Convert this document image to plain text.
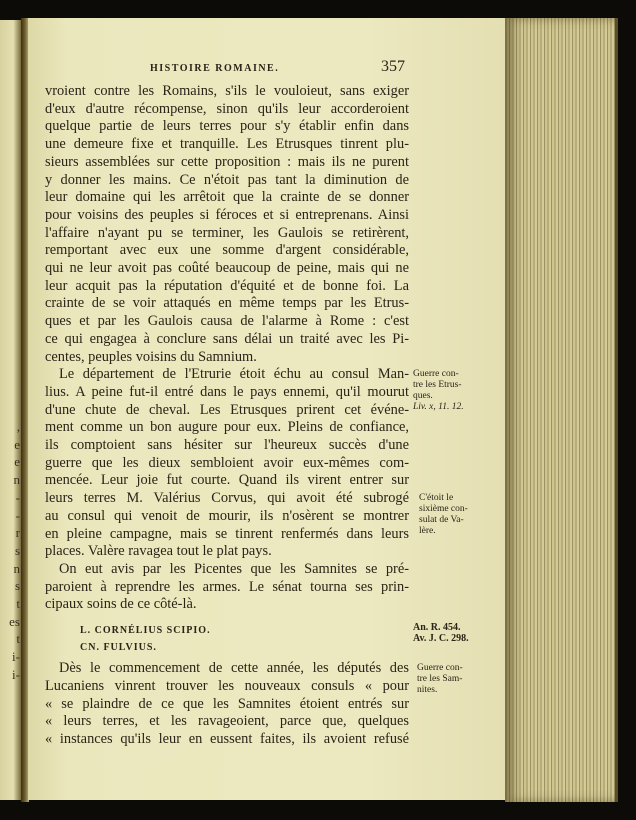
,
e
e
n
-
-
r
s
n
s
t
es
t
i-
i-
HISTOIRE ROMAINE.	357
vroient contre les Romains, s'ils le vouloieut, sans exiger
d'eux d'autre récompense, sinon qu'ils leur accorderoient
quelque partie de leurs terres pour s'y établir enfin dans
une demeure fixe et tranquille. Les Etrusques tinrent plu-
sieurs assemblées sur cette proposition : mais ils ne purent
y donner les mains. Ce n'étoit pas tant la diminution de
leur domaine qui les arrêtoit que la crainte de se donner
pour voisins des peuples si féroces et si entreprenans. Ainsi
l'affaire n'ayant pu se terminer, les Gaulois se retirèrent,
remportant avec eux une somme d'argent considérable,
qui ne leur avoit pas coûté beaucoup de peine, mais qui ne
leur acquit pas la réputation d'équité et de bonne foi. La
crainte de se voir attaqués en même temps par les Etrus-
ques et par les Gaulois causa de l'alarme à Rome : c'est
ce qui engagea à conclure sans délai un traité avec les Pi-
centes, peuples voisins du Samnium.
Le département de l'Etrurie étoit échu au consul Man-
lius. A peine fut-il entré dans le pays ennemi, qu'il mourut
d'une chute de cheval. Les Etrusques prirent cet événe-
ment comme un bon augure pour eux. Pleins de confiance,
ils comptoient sans hésiter sur l'heureux succès d'une
guerre que les dieux sembloient avoir eux-mêmes com-
mencée. Leur joie fut courte. Quand ils virent entrer sur
Guerre con-
tre les Etrus-
ques.
Liv. x, 11. 12.
leurs terres M. Valérius Corvus, qui avoit été subrogé
au consul qui venoit de mourir, ils n'osèrent se montrer
en pleine campagne, mais se tinrent renfermés dans leurs
places. Valère ravagea tout le plat pays.
C'étoit le
sixième con-
sulat de Va-
lère.
On eut avis par les Picentes que les Samnites se pré-
paroient à reprendre les armes. Le sénat tourna ses prin-
cipaux soins de ce côté-là.
L. CORNÉLIUS SCIPIO.
CN. FULVIUS.
An. R. 454.
Av. J. C. 298.
Dès le commencement de cette année, les députés des
Lucaniens vinrent trouver les nouveaux consuls « pour
« se plaindre de ce que les Samnites étoient entrés sur
« leurs terres, et les ravageoient, parce que, quelques
« instances qu'ils leur en eussent faites, ils avoient refusé
Guerre con-
tre les Sam-
nites.
